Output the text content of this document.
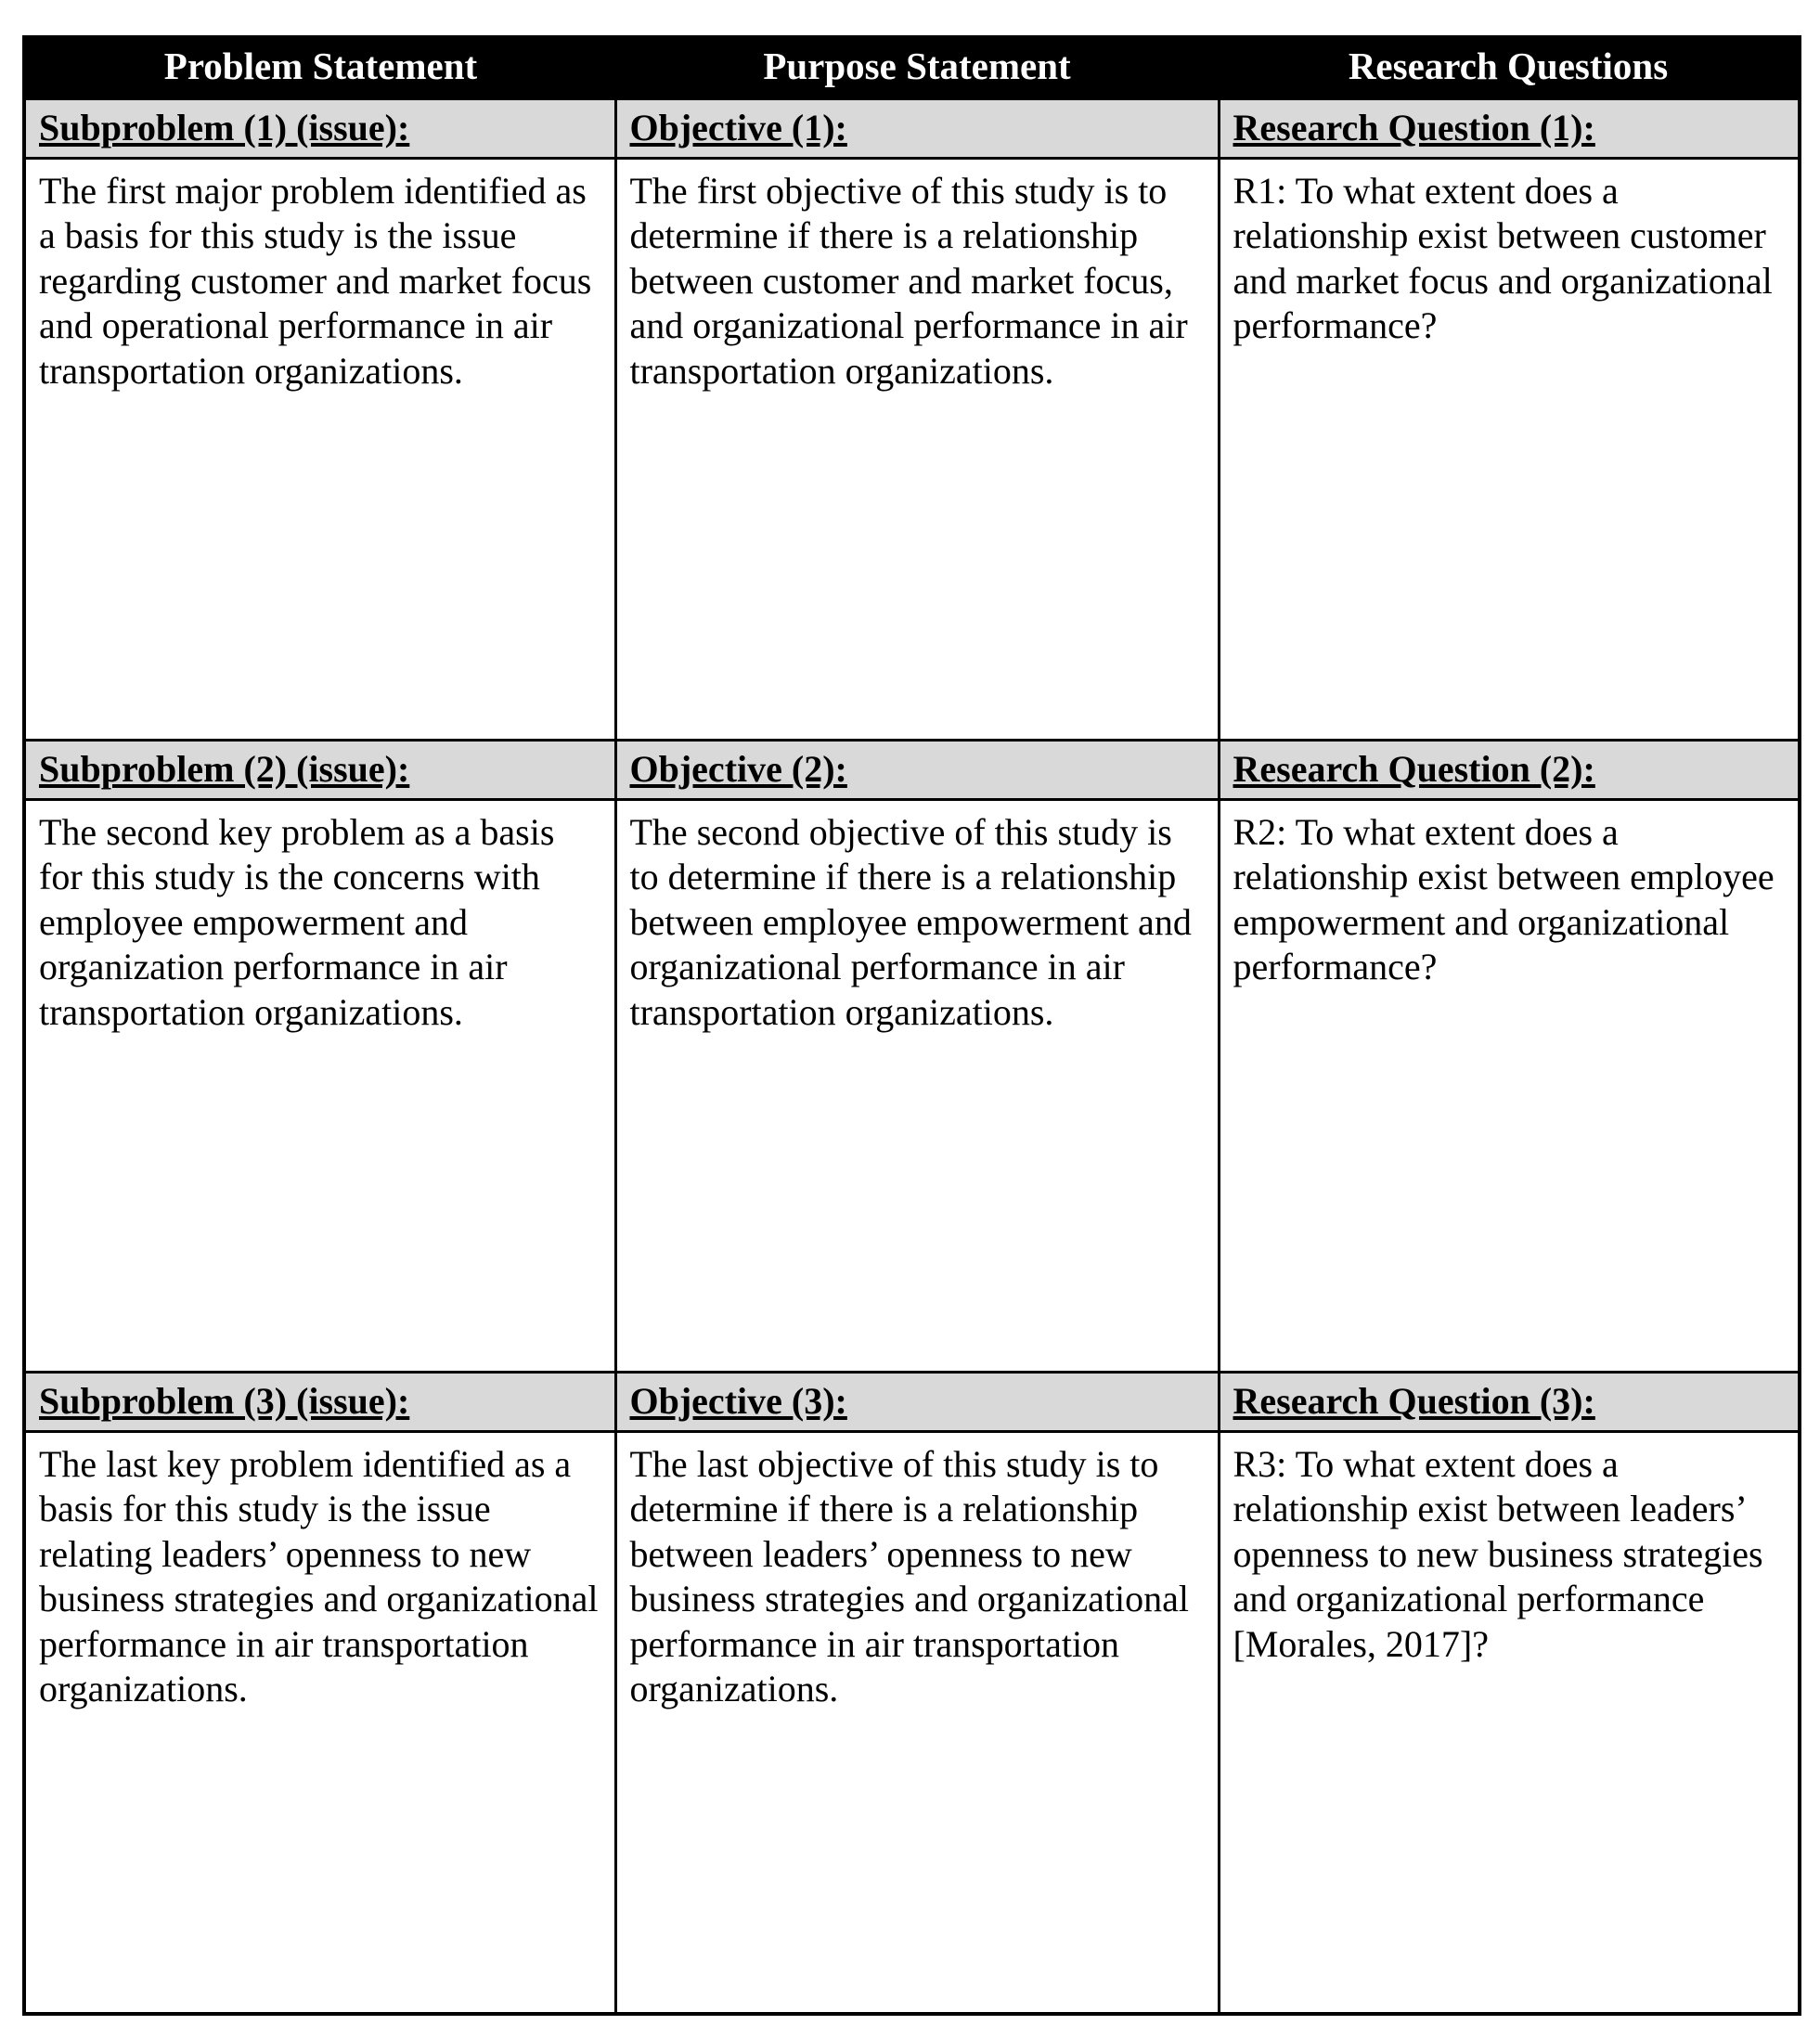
Problem Statement	Purpose Statement	Research Questions
Subproblem (1) (issue):	Objective (1):	Research Question (1):
The first major problem identified as a basis for this study is the issue regarding customer and market focus and operational performance in air transportation organizations.	The first objective of this study is to determine if there is a relationship between customer and market focus, and organizational performance in air transportation organizations.	R1: To what extent does a relationship exist between customer and market focus and organizational performance?
Subproblem (2) (issue):	Objective (2):	Research Question (2):
The second key problem as a basis for this study is the concerns with employee empowerment and organization performance in air transportation organizations.	The second objective of this study is to determine if there is a relationship between employee empowerment and organizational performance in air transportation organizations.	R2: To what extent does a relationship exist between employee empowerment and organizational performance?
Subproblem (3) (issue):	Objective (3):	Research Question (3):
The last key problem identified as a basis for this study is the issue relating leaders’ openness to new business strategies and organizational performance in air transportation organizations.	The last objective of this study is to determine if there is a relationship between leaders’ openness to new business strategies and organizational performance in air transportation organizations.	R3: To what extent does a relationship exist between leaders’ openness to new business strategies and organizational performance [Morales, 2017]?
